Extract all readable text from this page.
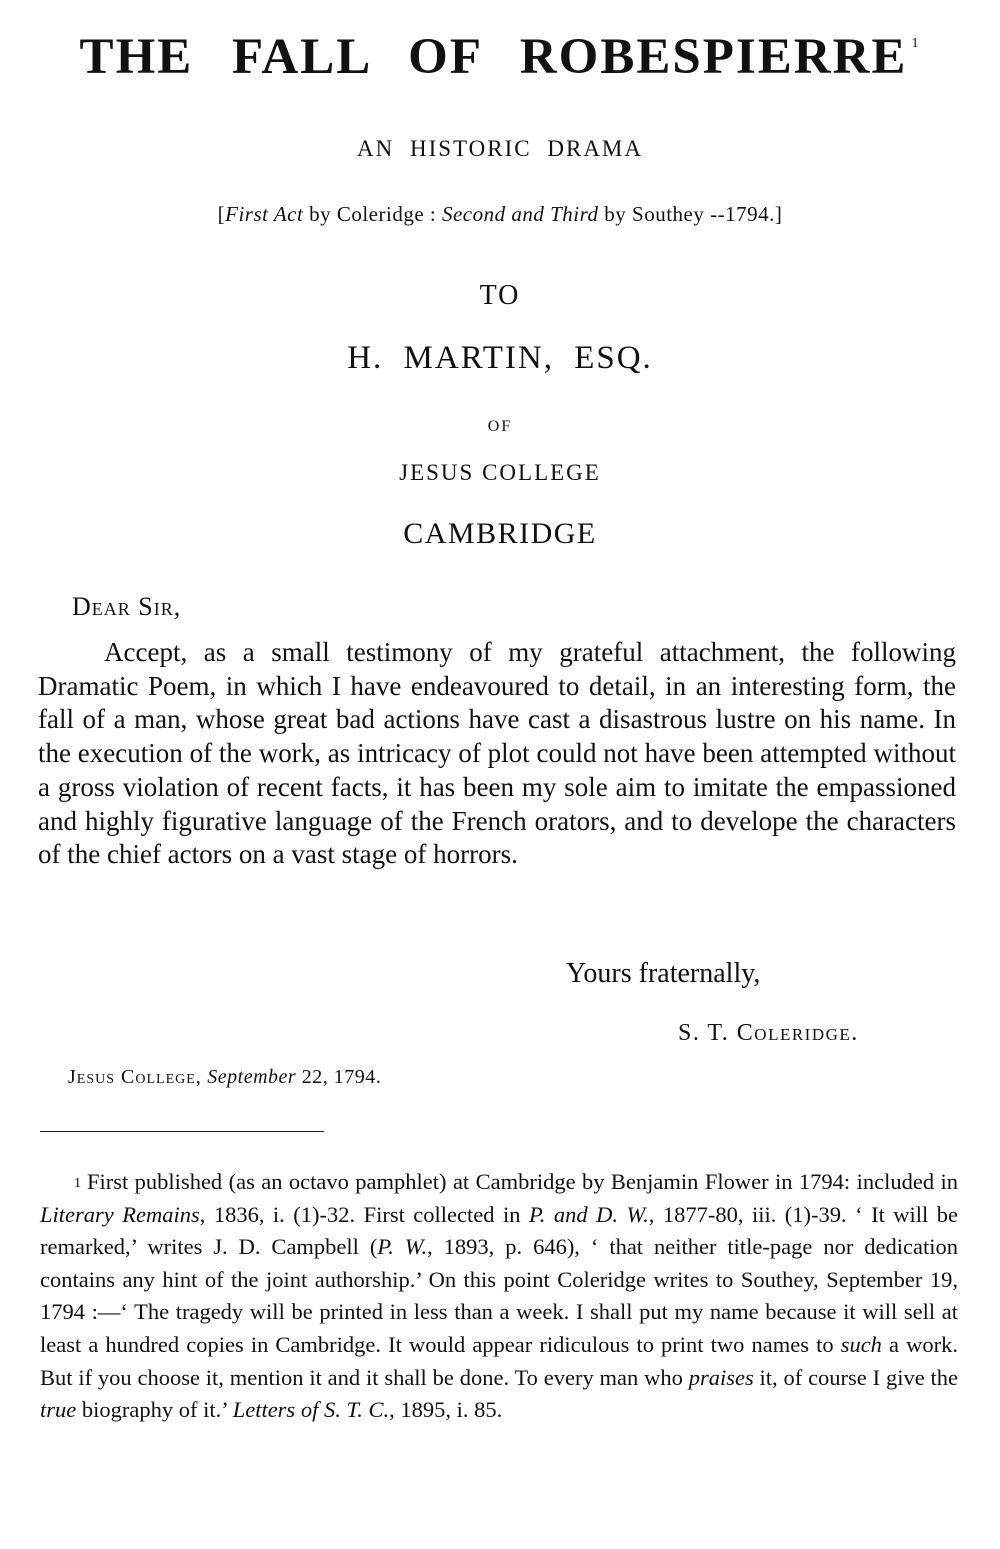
THE FALL OF ROBESPIERRE $^1$
AN HISTORIC DRAMA
[First Act by Coleridge : Second and Third by Southey --1794.]
TO
H. MARTIN, ESQ.
OF
JESUS COLLEGE
CAMBRIDGE
Dear Sir,
Accept, as a small testimony of my grateful attachment, the following Dramatic Poem, in which I have endeavoured to detail, in an interesting form, the fall of a man, whose great bad actions have cast a disastrous lustre on his name. In the execution of the work, as intricacy of plot could not have been attempted without a gross violation of recent facts, it has been my sole aim to imitate the empassioned and highly figurative language of the French orators, and to develope the characters of the chief actors on a vast stage of horrors.
Yours fraternally,
S. T. Coleridge.
Jesus College, September 22, 1794.
$^1$ First published (as an octavo pamphlet) at Cambridge by Benjamin Flower in 1794: included in Literary Remains, 1836, i. (1)-32. First collected in P. and D. W., 1877-80, iii. (1)-39. ‘ It will be remarked,’ writes J. D. Campbell (P. W., 1893, p. 646), ‘ that neither title-page nor dedication contains any hint of the joint authorship.’ On this point Coleridge writes to Southey, September 19, 1794 :—‘ The tragedy will be printed in less than a week. I shall put my name because it will sell at least a hundred copies in Cambridge. It would appear ridiculous to print two names to such a work. But if you choose it, mention it and it shall be done. To every man who praises it, of course I give the true biography of it.’ Letters of S. T. C., 1895, i. 85.
